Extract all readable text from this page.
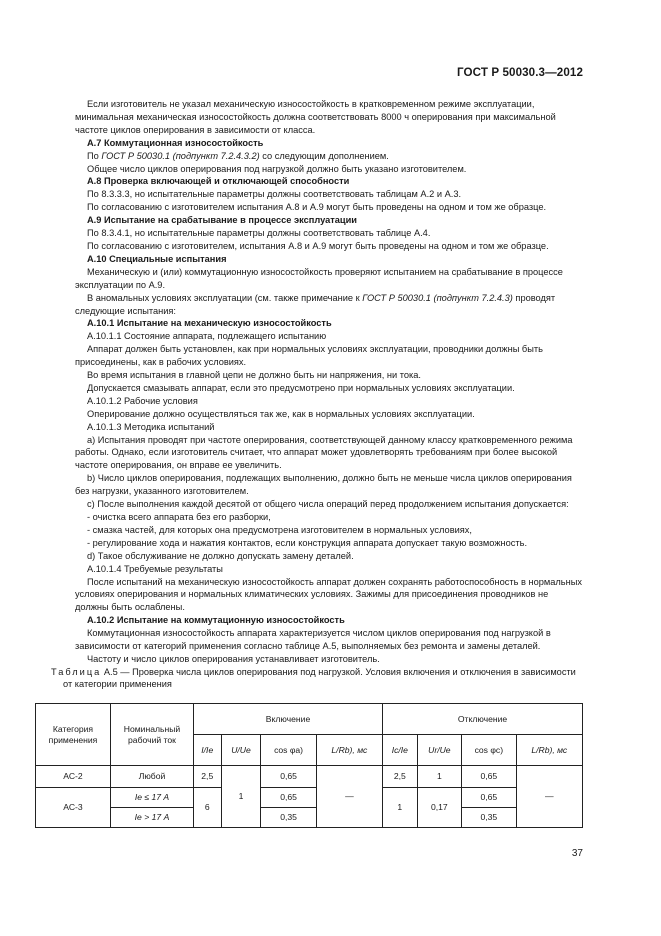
ГОСТ Р 50030.3—2012

Если изготовитель не указал механическую износостойкость в кратковременном режиме эксплуатации, минимальная механическая износостойкость должна соответствовать 8000 ч оперирования при максимальной частоте циклов оперирования в зависимости от класса.

А.7 Коммутационная износостойкость

По ГОСТ Р 50030.1 (подпункт 7.2.4.3.2) со следующим дополнением.

Общее число циклов оперирования под нагрузкой должно быть указано изготовителем.

А.8 Проверка включающей и отключающей способности

По 8.3.3.3, но испытательные параметры должны соответствовать таблицам А.2 и А.3.

По согласованию с изготовителем испытания А.8 и А.9 могут быть проведены на одном и том же образце.

А.9 Испытание на срабатывание в процессе эксплуатации

По 8.3.4.1, но испытательные параметры должны соответствовать таблице А.4.

По согласованию с изготовителем, испытания А.8 и А.9 могут быть проведены на одном и том же образце.

А.10 Специальные испытания

Механическую и (или) коммутационную износостойкость проверяют испытанием на срабатывание в процессе эксплуатации по А.9.

В аномальных условиях эксплуатации (см. также примечание к ГОСТ Р 50030.1 (подпункт 7.2.4.3) проводят следующие испытания:

А.10.1 Испытание на механическую износостойкость

А.10.1.1 Состояние аппарата, подлежащего испытанию

Аппарат должен быть установлен, как при нормальных условиях эксплуатации, проводники должны быть присоединены, как в рабочих условиях.

Во время испытания в главной цепи не должно быть ни напряжения, ни тока.

Допускается смазывать аппарат, если это предусмотрено при нормальных условиях эксплуатации.

А.10.1.2 Рабочие условия

Оперирование должно осуществляться так же, как в нормальных условиях эксплуатации.

А.10.1.3 Методика испытаний

а) Испытания проводят при частоте оперирования, соответствующей данному классу кратковременного режима работы. Однако, если изготовитель считает, что аппарат может удовлетворять требованиям при более высокой частоте оперирования, он вправе ее увеличить.

b) Число циклов оперирования, подлежащих выполнению, должно быть не меньше числа циклов оперирования без нагрузки, указанного изготовителем.

c) После выполнения каждой десятой от общего числа операций перед продолжением испытания допускается:

- очистка всего аппарата без его разборки,

- смазка частей, для которых она предусмотрена изготовителем в нормальных условиях,

- регулирование хода и нажатия контактов, если конструкция аппарата допускает такую возможность.

d) Такое обслуживание не должно допускать замену деталей.

А.10.1.4 Требуемые результаты

После испытаний на механическую износостойкость аппарат должен сохранять работоспособность в нормальных условиях оперирования и нормальных климатических условиях. Зажимы для присоединения проводников не должны быть ослаблены.

А.10.2 Испытание на коммутационную износостойкость

Коммутационная износостойкость аппарата характеризуется числом циклов оперирования под нагрузкой в зависимости от категорий применения согласно таблице А.5, выполняемых без ремонта и замены деталей.

Частоту и число циклов оперирования устанавливает изготовитель.

Таблица А.5 — Проверка числа циклов оперирования под нагрузкой. Условия включения и отключения в зависимости от категории применения

Категория применения	Номинальный рабочий ток	Включение				Отключение			
		I/Ie	U/Ue	cos φa)	L/Rb), мс	Ic/Ie	Ur/Ue	cos φc)	L/Rb), мс
АС-2	Любой	2,5	1	0,65	—	2,5	1	0,65	—
АС-3	Ie ≤ 17 А	6		0,65		1	0,17	0,65	
	Ie > 17 А			0,35				0,35	
37
